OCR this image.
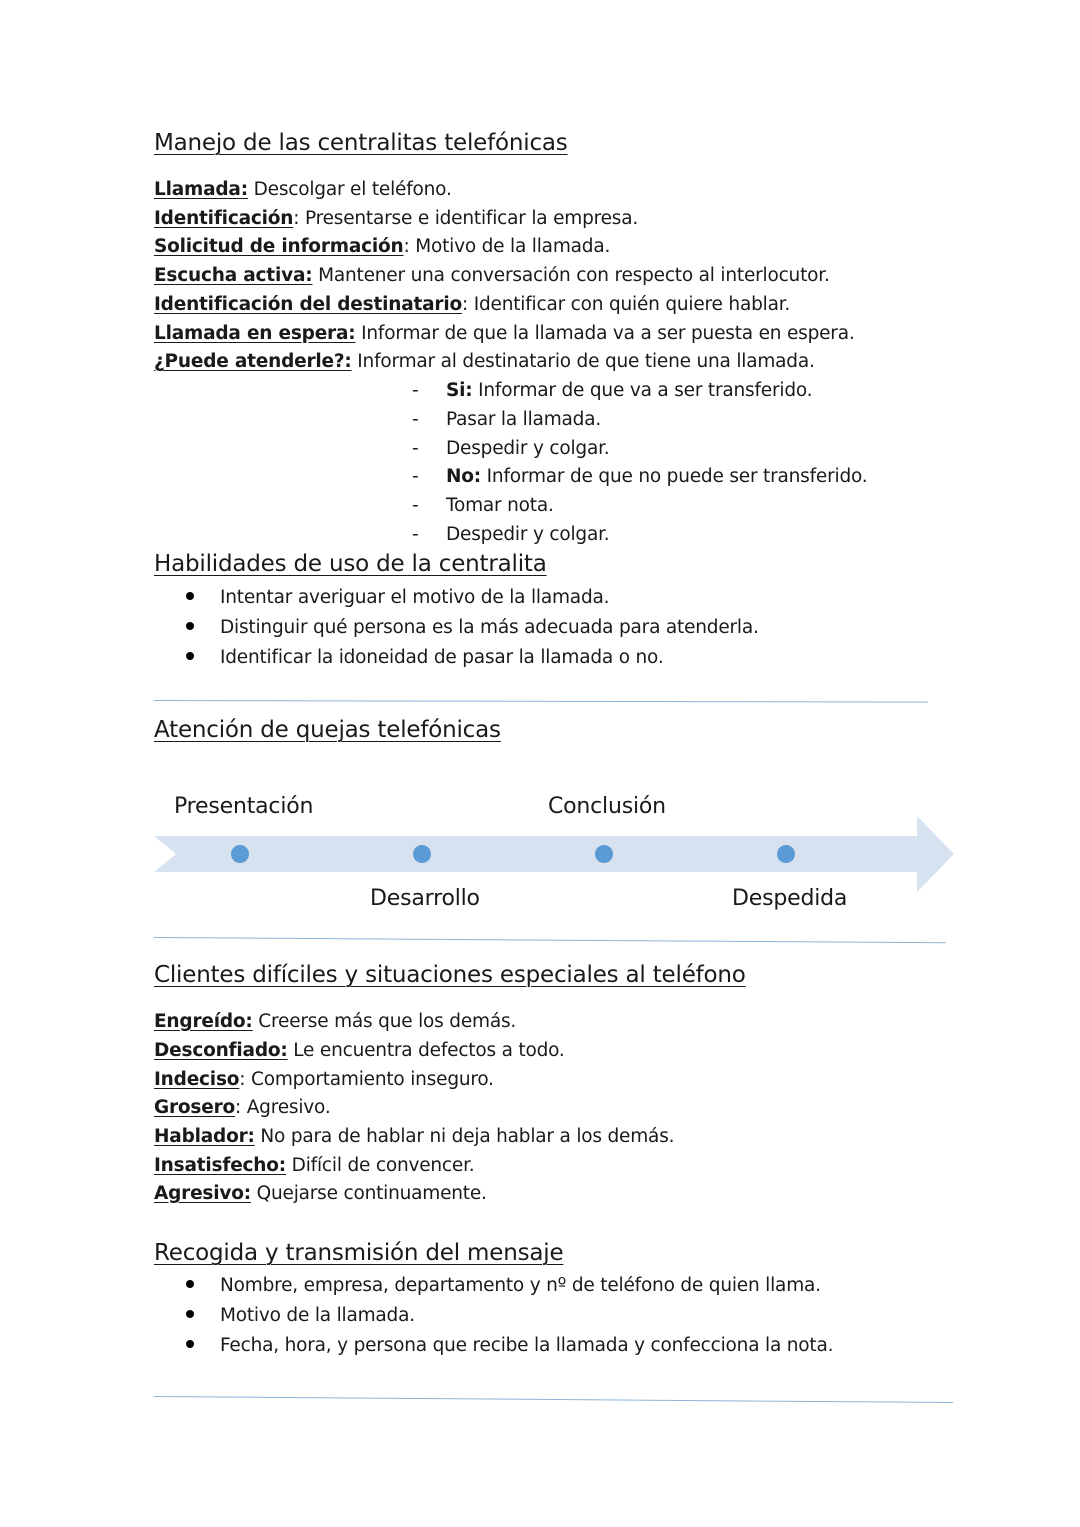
Manejo de las centralitas telefónicas
Llamada: Descolgar el teléfono.
Identificación: Presentarse e identificar la empresa.
Solicitud de información: Motivo de la llamada.
Escucha activa: Mantener una conversación con respecto al interlocutor.
Identificación del destinatario: Identificar con quién quiere hablar.
Llamada en espera: Informar de que la llamada va a ser puesta en espera.
¿Puede atenderle?: Informar al destinatario de que tiene una llamada.
- Si: Informar de que va a ser transferido.
- Pasar la llamada.
- Despedir y colgar.
- No: Informar de que no puede ser transferido.
- Tomar nota.
- Despedir y colgar.
Habilidades de uso de la centralita
Intentar averiguar el motivo de la llamada.
Distinguir qué persona es la más adecuada para atenderla.
Identificar la idoneidad de pasar la llamada o no.
Atención de quejas telefónicas
Presentación
Desarrollo
Conclusión
Despedida
Clientes difíciles y situaciones especiales al teléfono
Engreído: Creerse más que los demás.
Desconfiado: Le encuentra defectos a todo.
Indeciso: Comportamiento inseguro.
Grosero: Agresivo.
Hablador: No para de hablar ni deja hablar a los demás.
Insatisfecho: Difícil de convencer.
Agresivo: Quejarse continuamente.
Recogida y transmisión del mensaje
Nombre, empresa, departamento y nº de teléfono de quien llama.
Motivo de la llamada.
Fecha, hora, y persona que recibe la llamada y confecciona la nota.
